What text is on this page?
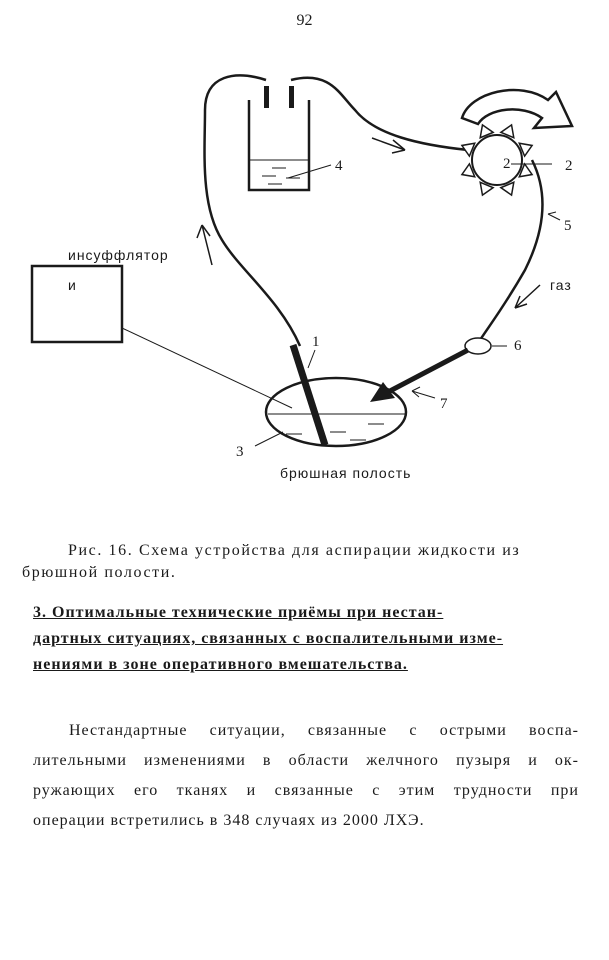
92
инсуффлятор
и
4	2	2
5
газ
6
7
3
1
брюшная полость
Рис. 16. Схема устройства для аспирации жидкости из
брюшной полости.
3. Оптимальные технические приёмы при нестан-
дартных ситуациях, связанных с воспалительными изме-
нениями в зоне оперативного вмешательства.
Нестандартные ситуации, связанные с острыми воспа-
лительными изменениями в области желчного пузыря и ок-
ружающих его тканях и связанные с этим трудности при
операции встретились в 348 случаях из 2000 ЛХЭ.
